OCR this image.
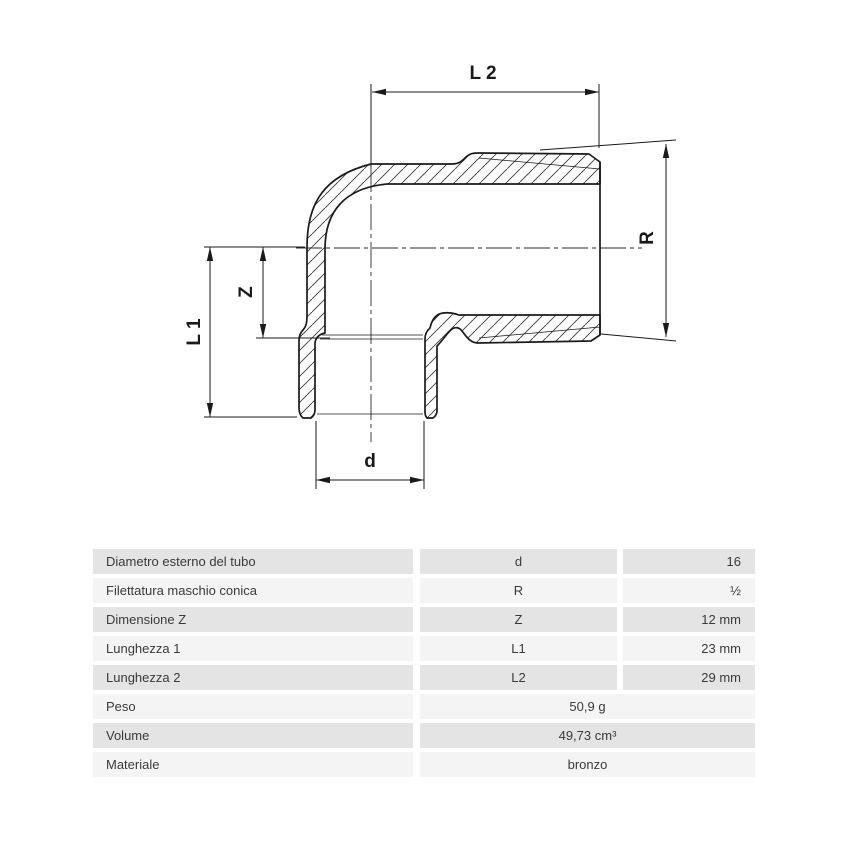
L 2
d
L 1
Z
R
Diametro esterno del tubo	d	16
Filettatura maschio conica	R	½
Dimensione Z	Z	12 mm
Lunghezza 1	L1	23 mm
Lunghezza 2	L2	29 mm
Peso	50,9 g
Volume	49,73 cm³
Materiale	bronzo
